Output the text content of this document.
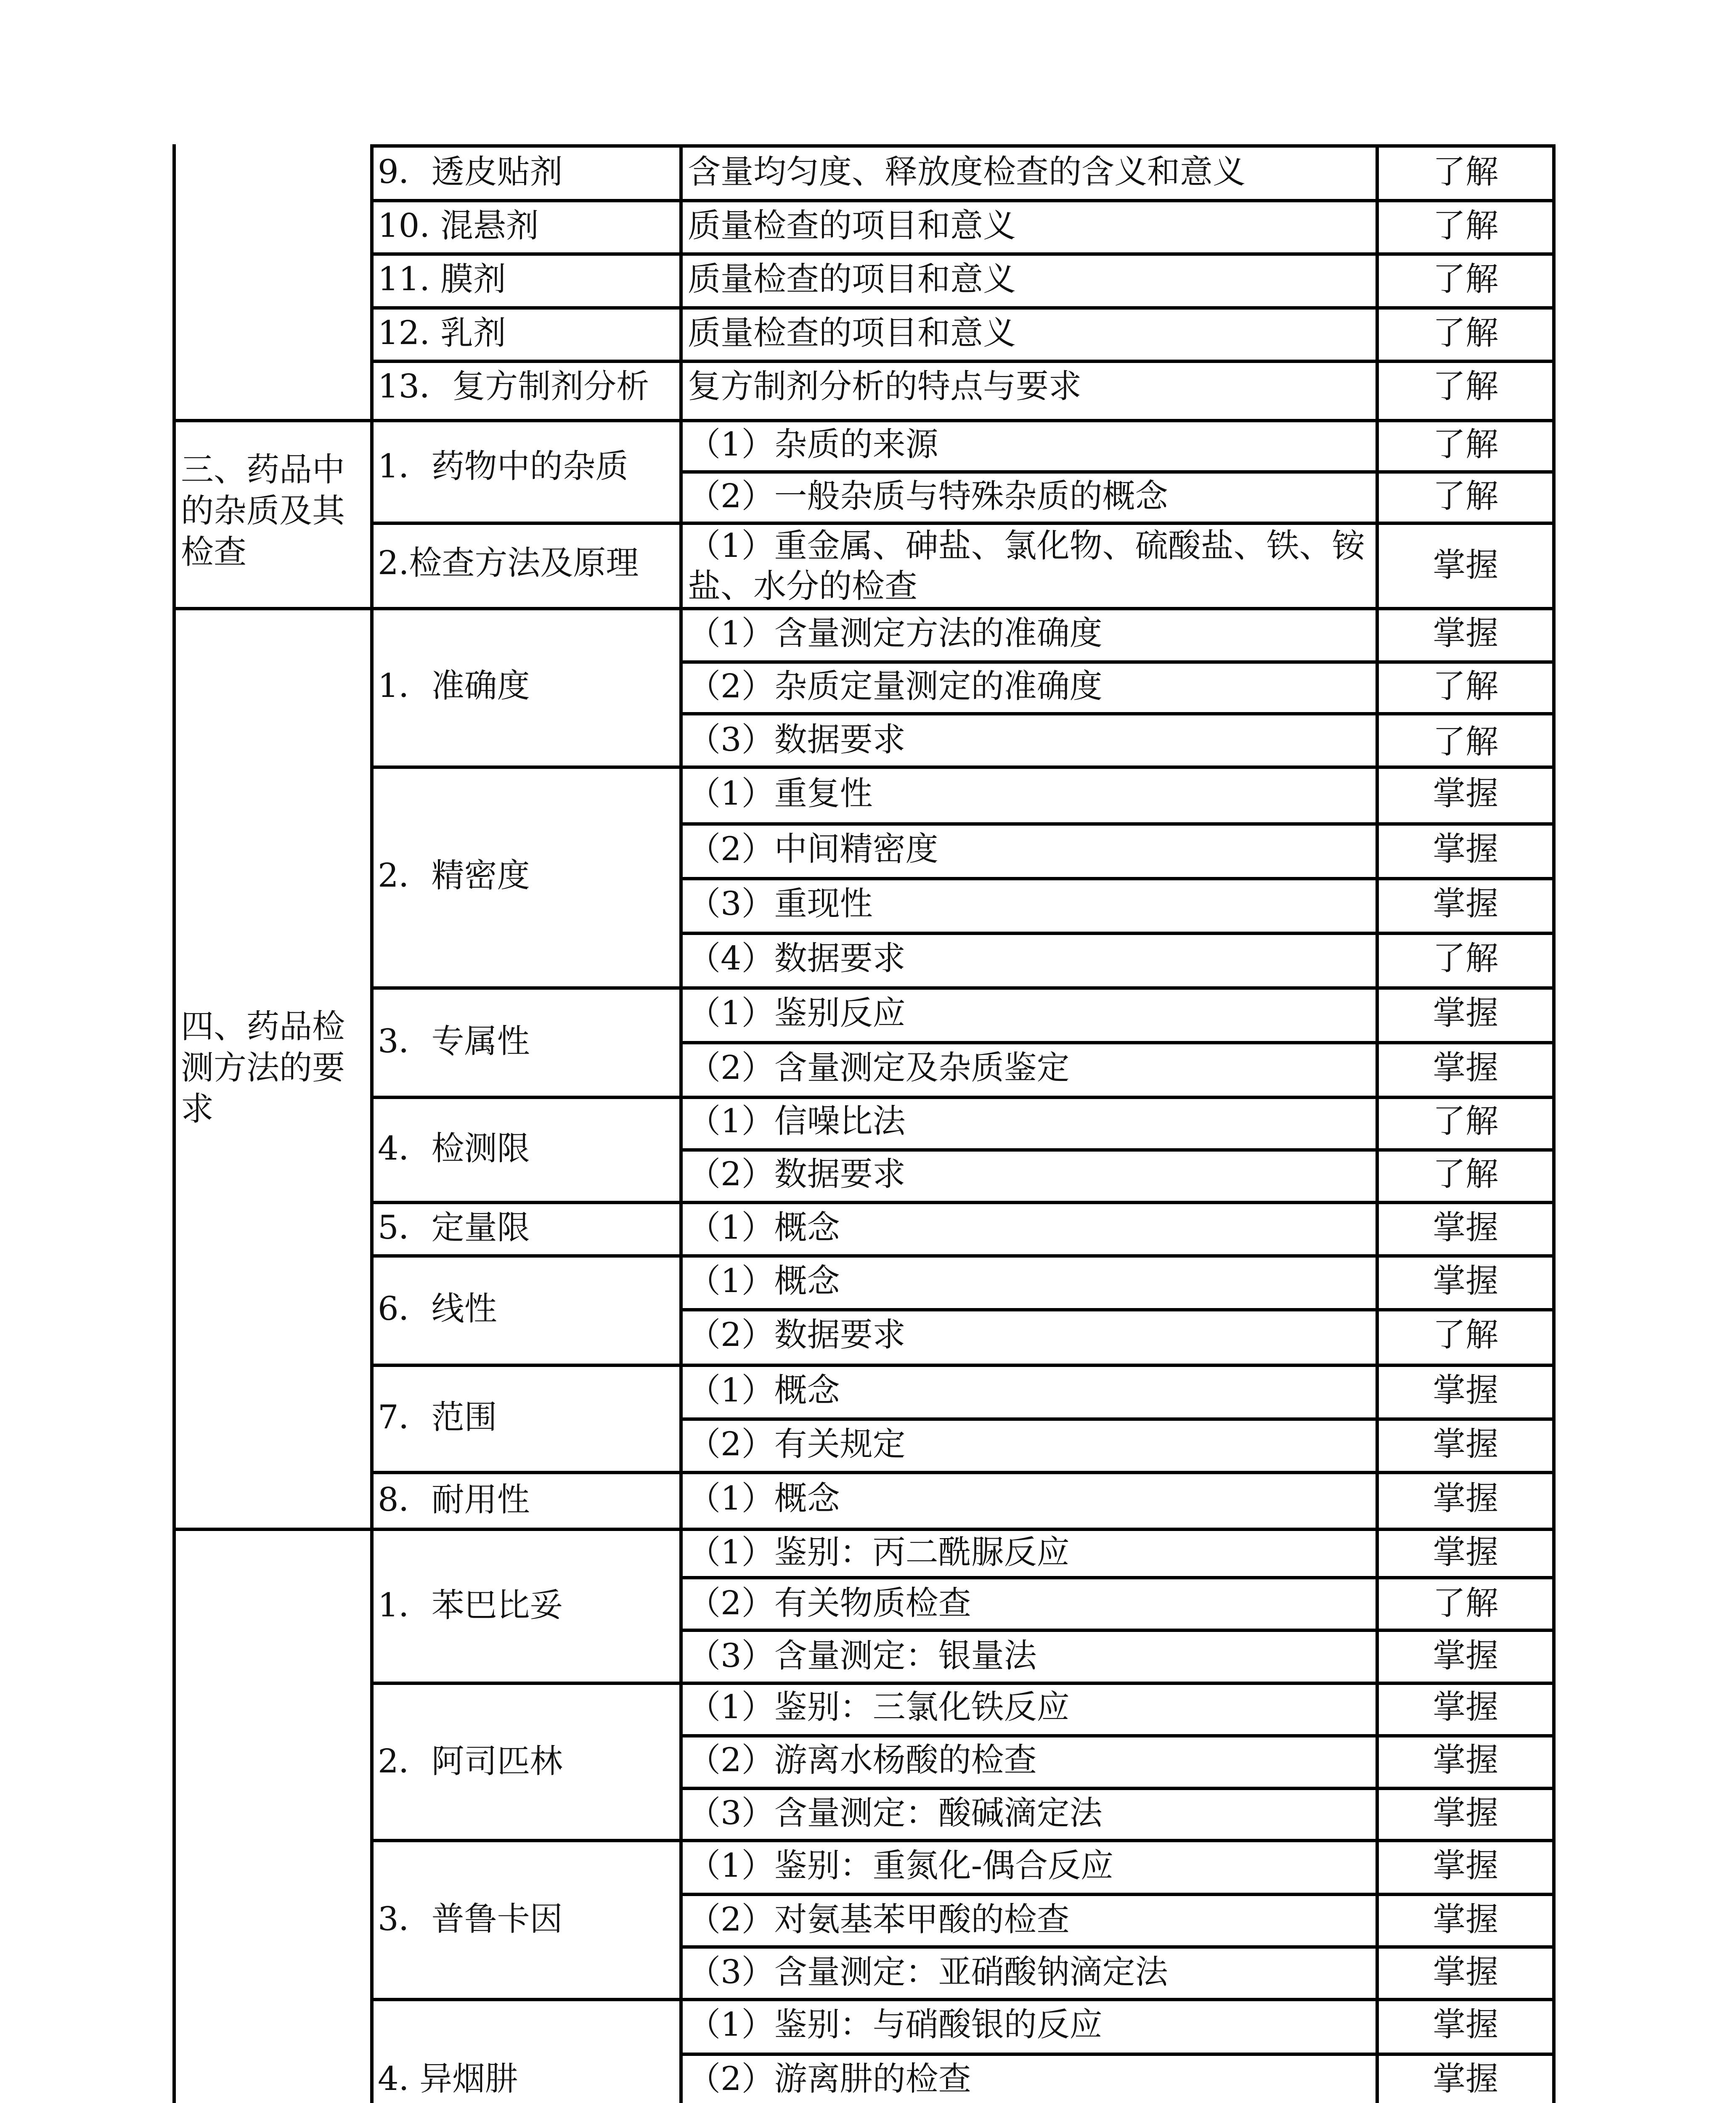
三、药品中的杂质及其检查
四、药品检测方法的要求
9．透皮贴剂
10. 混悬剂
11. 膜剂
12. 乳剂
13．复方制剂分析
1．药物中的杂质
2.检查方法及原理
1．准确度
2．精密度
3．专属性
4．检测限
5．定量限
6．线性
7．范围
8．耐用性
1．苯巴比妥
2．阿司匹林
3．普鲁卡因
4. 异烟肼
含量均匀度、释放度检查的含义和意义
质量检查的项目和意义
质量检查的项目和意义
质量检查的项目和意义
复方制剂分析的特点与要求
（1）杂质的来源
（2）一般杂质与特殊杂质的概念
（1）重金属、砷盐、氯化物、硫酸盐、铁、铵盐、水分的检查
（1）含量测定方法的准确度
（2）杂质定量测定的准确度
（3）数据要求
（1）重复性
（2）中间精密度
（3）重现性
（4）数据要求
（1）鉴别反应
（2）含量测定及杂质鉴定
（1）信噪比法
（2）数据要求
（1）概念
（1）概念
（2）数据要求
（1）概念
（2）有关规定
（1）概念
（1）鉴别：丙二酰脲反应
（2）有关物质检查
（3）含量测定：银量法
（1）鉴别：三氯化铁反应
（2）游离水杨酸的检查
（3）含量测定：酸碱滴定法
（1）鉴别：重氮化-偶合反应
（2）对氨基苯甲酸的检查
（3）含量测定：亚硝酸钠滴定法
（1）鉴别：与硝酸银的反应
（2）游离肼的检查
了解
了解
了解
了解
了解
了解
了解
掌握
掌握
了解
了解
掌握
掌握
掌握
了解
掌握
掌握
了解
了解
掌握
掌握
了解
掌握
掌握
掌握
掌握
了解
掌握
掌握
掌握
掌握
掌握
掌握
掌握
掌握
掌握
